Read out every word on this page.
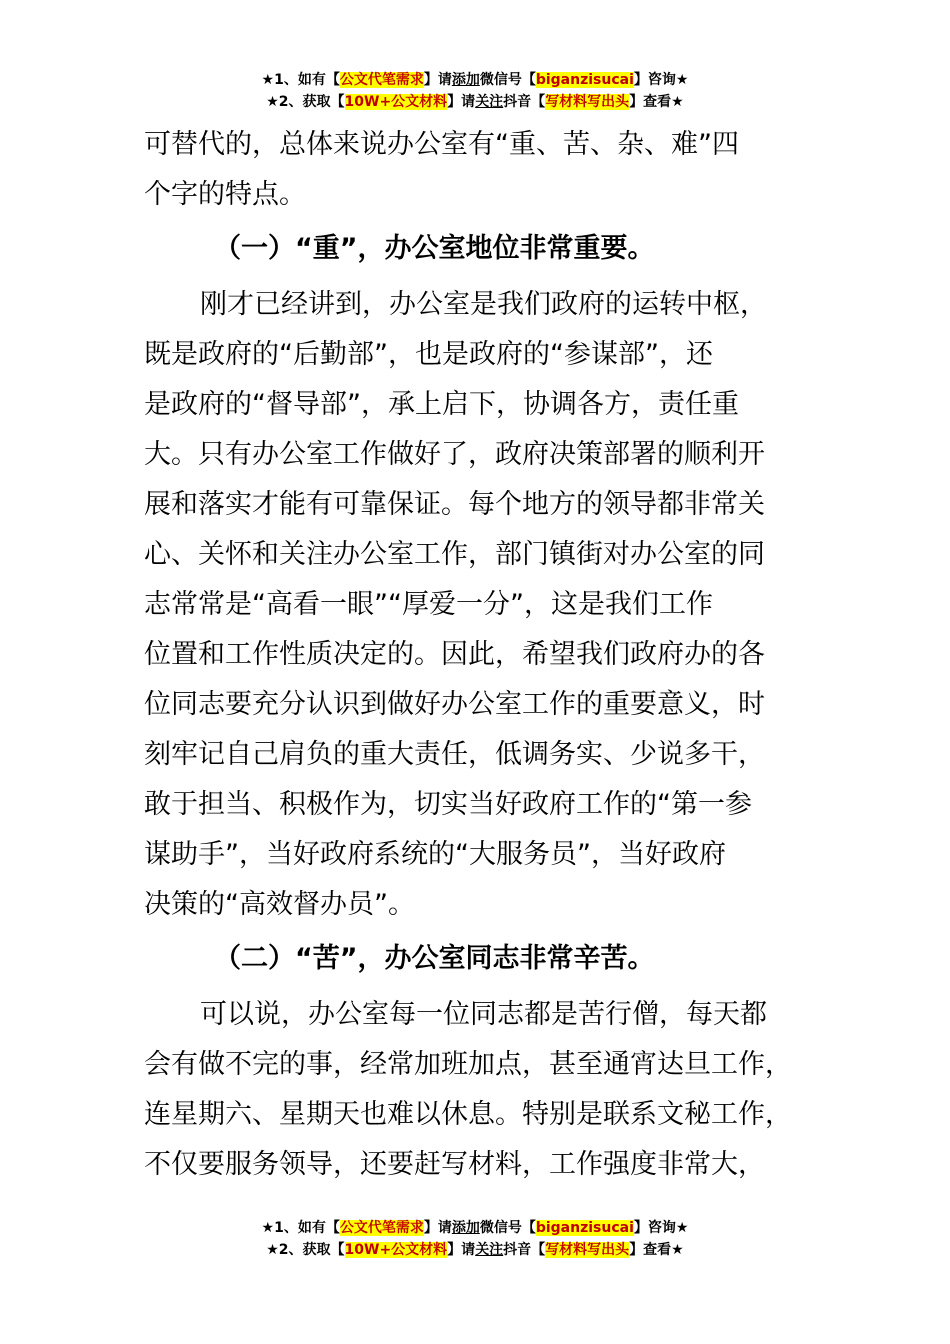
★1、如有【公文代笔需求】请添加微信号【biganzisucai】咨询★
★2、获取【10W+公文材料】请关注抖音【写材料写出头】查看★

可替代的，总体来说办公室有“重、苦、杂、难”四

个字的特点。

（一）“重”，办公室地位非常重要。

刚才已经讲到，办公室是我们政府的运转中枢，

既是政府的“后勤部”，也是政府的“参谋部”，还

是政府的“督导部”，承上启下，协调各方，责任重

大。只有办公室工作做好了，政府决策部署的顺利开

展和落实才能有可靠保证。每个地方的领导都非常关

心、关怀和关注办公室工作，部门镇街对办公室的同

志常常是“高看一眼”“厚爱一分”，这是我们工作

位置和工作性质决定的。因此，希望我们政府办的各

位同志要充分认识到做好办公室工作的重要意义，时

刻牢记自己肩负的重大责任，低调务实、少说多干，

敢于担当、积极作为，切实当好政府工作的“第一参

谋助手”，当好政府系统的“大服务员”，当好政府

决策的“高效督办员”。

（二）“苦”，办公室同志非常辛苦。

可以说，办公室每一位同志都是苦行僧，每天都

会有做不完的事，经常加班加点，甚至通宵达旦工作，

连星期六、星期天也难以休息。特别是联系文秘工作，

不仅要服务领导，还要赶写材料，工作强度非常大，

★1、如有【公文代笔需求】请添加微信号【biganzisucai】咨询★
★2、获取【10W+公文材料】请关注抖音【写材料写出头】查看★
